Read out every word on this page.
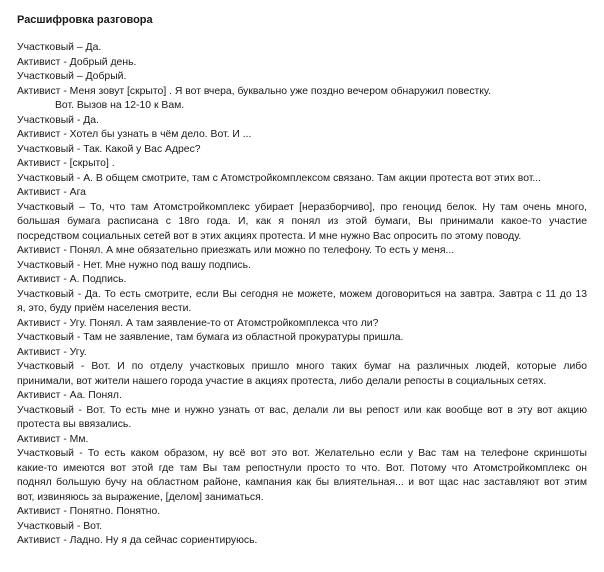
Расшифровка разговора
Участковый – Да.
Активист - Добрый день.
Участковый – Добрый.
Активист - Меня зовут [скрыто] . Я вот вчера, буквально уже поздно вечером обнаружил повестку.
Вот. Вызов на 12-10 к Вам.
Участковый - Да.
Активист - Хотел бы узнать в чём дело. Вот. И ...
Участковый - Так. Какой у Вас Адрес?
Активист - [скрыто] .
Участковый - А. В общем смотрите, там с Атомстройкомплексом связано. Там акции протеста вот этих вот...
Активист - Ага
Участковый – То, что там Атомстройкомплекс убирает [неразборчиво], про геноцид белок. Ну там очень много,
большая бумага расписана с 18го года. И, как я понял из этой бумаги, Вы принимали какое-то участие
посредством социальных сетей вот в этих акциях протеста. И мне нужно Вас опросить по этому поводу.
Активист - Понял. А мне обязательно приезжать или можно по телефону. То есть у меня...
Участковый - Нет. Мне нужно под вашу подпись.
Активист - А. Подпись.
Участковый - Да. То есть смотрите, если Вы сегодня не можете, можем договориться на завтра. Завтра с 11 до 13
я, это, буду приём населения вести.
Активист - Угу. Понял. А там заявление-то от Атомстройкомплекса что ли?
Участковый - Там не заявление, там бумага из областной прокуратуры пришла.
Активист - Угу.
Участковый - Вот. И по отделу участковых пришло много таких бумаг на различных людей, которые либо
принимали, вот жители нашего города участие в акциях протеста, либо делали репосты в социальных сетях.
Активист - Аа. Понял.
Участковый - Вот. То есть мне и нужно узнать от вас, делали ли вы репост или как вообще вот в эту вот акцию
протеста вы ввязались.
Активист - Мм.
Участковый - То есть каком образом, ну всё вот это вот. Желательно если у Вас там на телефоне скриншоты
какие-то имеются вот этой где там Вы там репостнули просто то что. Вот. Потому что Атомстройкомплекс он
поднял большую бучу на областном районе, кампания как бы влиятельная... и вот щас нас заставляют вот этим
вот, извиняюсь за выражение, [делом] заниматься.
Активист - Понятно. Понятно.
Участковый - Вот.
Активист - Ладно. Ну я да сейчас сориентируюсь.
